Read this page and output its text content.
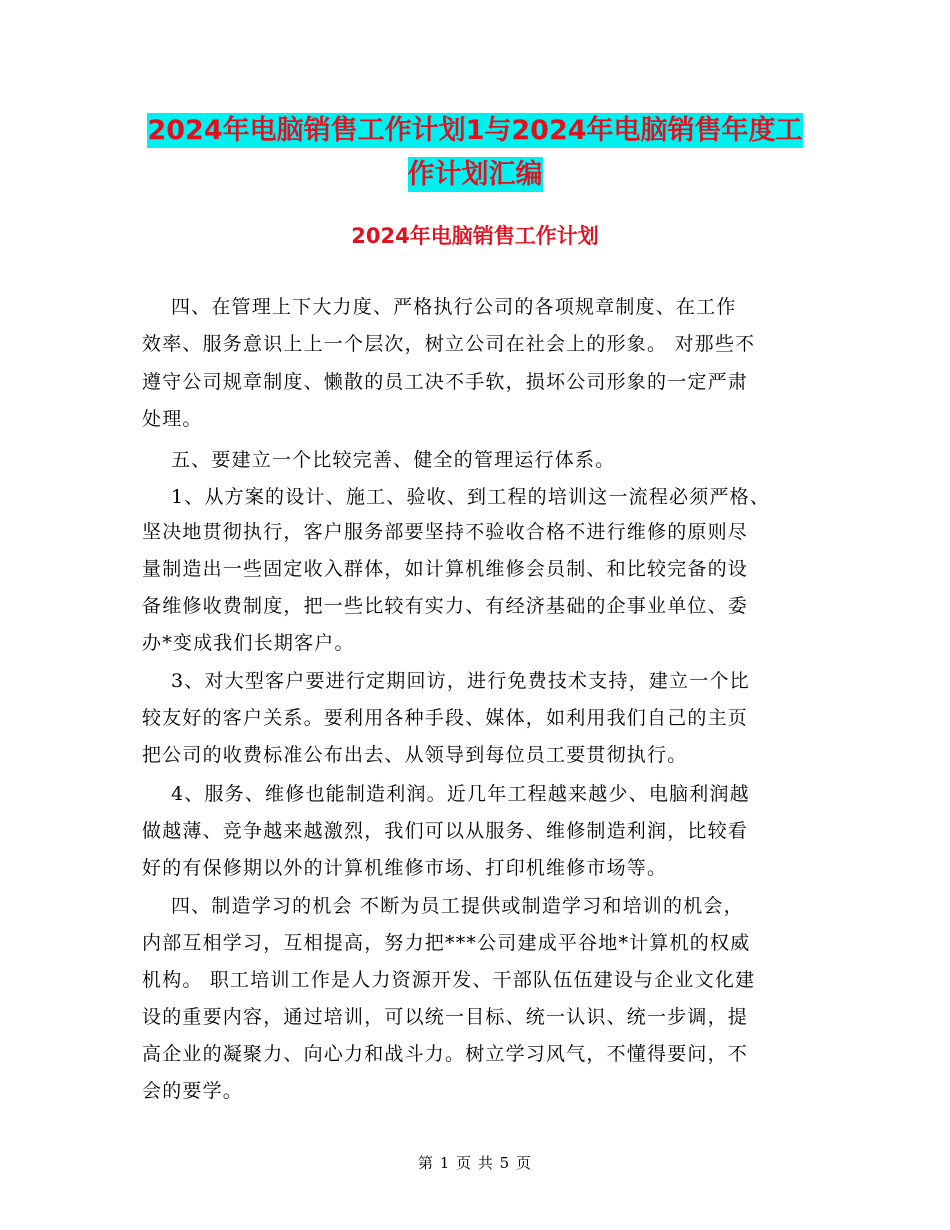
2024年电脑销售工作计划1与2024年电脑销售年度工
作计划汇编
2024年电脑销售工作计划
四、在管理上下大力度、严格执行公司的各项规章制度、在工作
效率、服务意识上上一个层次，树立公司在社会上的形象。 对那些不
遵守公司规章制度、懒散的员工决不手软，损坏公司形象的一定严肃
处理。
五、要建立一个比较完善、健全的管理运行体系。
1、从方案的设计、施工、验收、到工程的培训这一流程必须严格、
坚决地贯彻执行，客户服务部要坚持不验收合格不进行维修的原则尽
量制造出一些固定收入群体，如计算机维修会员制、和比较完备的设
备维修收费制度，把一些比较有实力、有经济基础的企事业单位、委
办*变成我们长期客户。
3、对大型客户要进行定期回访，进行免费技术支持，建立一个比
较友好的客户关系。要利用各种手段、媒体，如利用我们自己的主页
把公司的收费标准公布出去、从领导到每位员工要贯彻执行。
4、服务、维修也能制造利润。近几年工程越来越少、电脑利润越
做越薄、竞争越来越激烈，我们可以从服务、维修制造利润，比较看
好的有保修期以外的计算机维修市场、打印机维修市场等。
四、制造学习的机会 不断为员工提供或制造学习和培训的机会，
内部互相学习，互相提高，努力把***公司建成平谷地*计算机的权威
机构。 职工培训工作是人力资源开发、干部队伍伍建设与企业文化建
设的重要内容，通过培训，可以统一目标、统一认识、统一步调，提
高企业的凝聚力、向心力和战斗力。树立学习风气，不懂得要问，不
会的要学。
第 1 页 共 5 页
